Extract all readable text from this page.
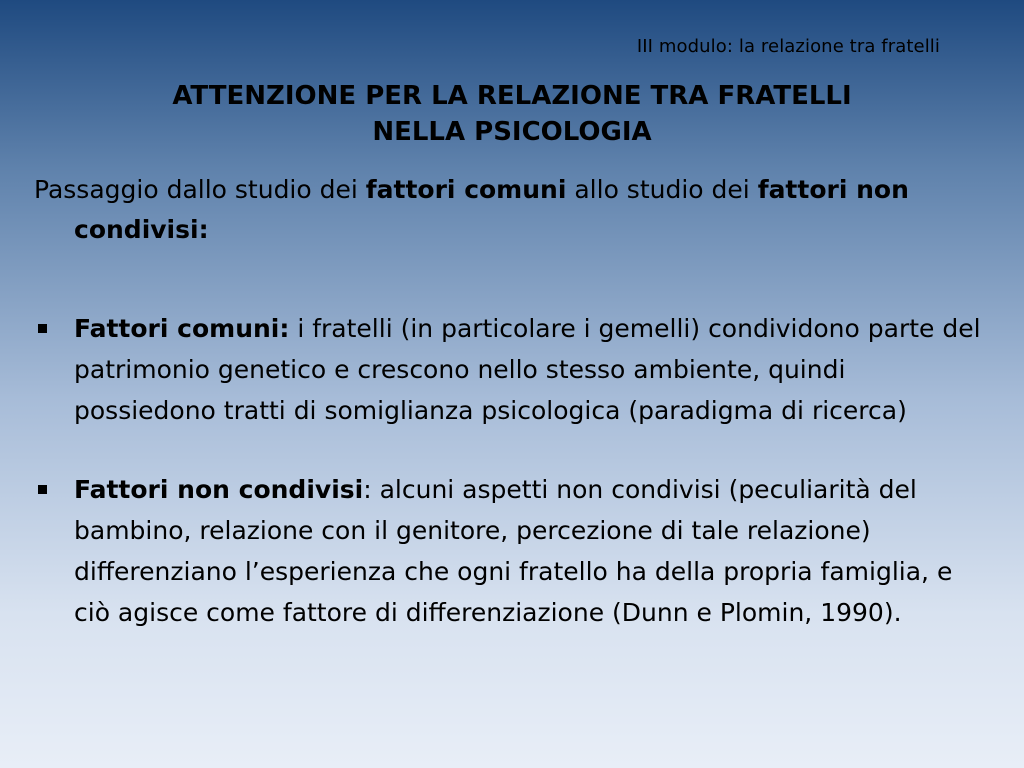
III modulo: la relazione tra fratelli
ATTENZIONE PER LA RELAZIONE TRA FRATELLI
NELLA PSICOLOGIA
Passaggio dallo studio dei fattori comuni allo studio dei fattori non condivisi:
Fattori comuni: i fratelli (in particolare i gemelli) condividono parte del patrimonio genetico e crescono nello stesso ambiente, quindi possiedono tratti di somiglianza psicologica (paradigma di ricerca)
Fattori non condivisi: alcuni aspetti non condivisi (peculiarità del bambino, relazione con il genitore, percezione di tale relazione) differenziano l’esperienza che ogni fratello ha della propria famiglia, e ciò agisce come fattore di differenziazione (Dunn e Plomin, 1990).
